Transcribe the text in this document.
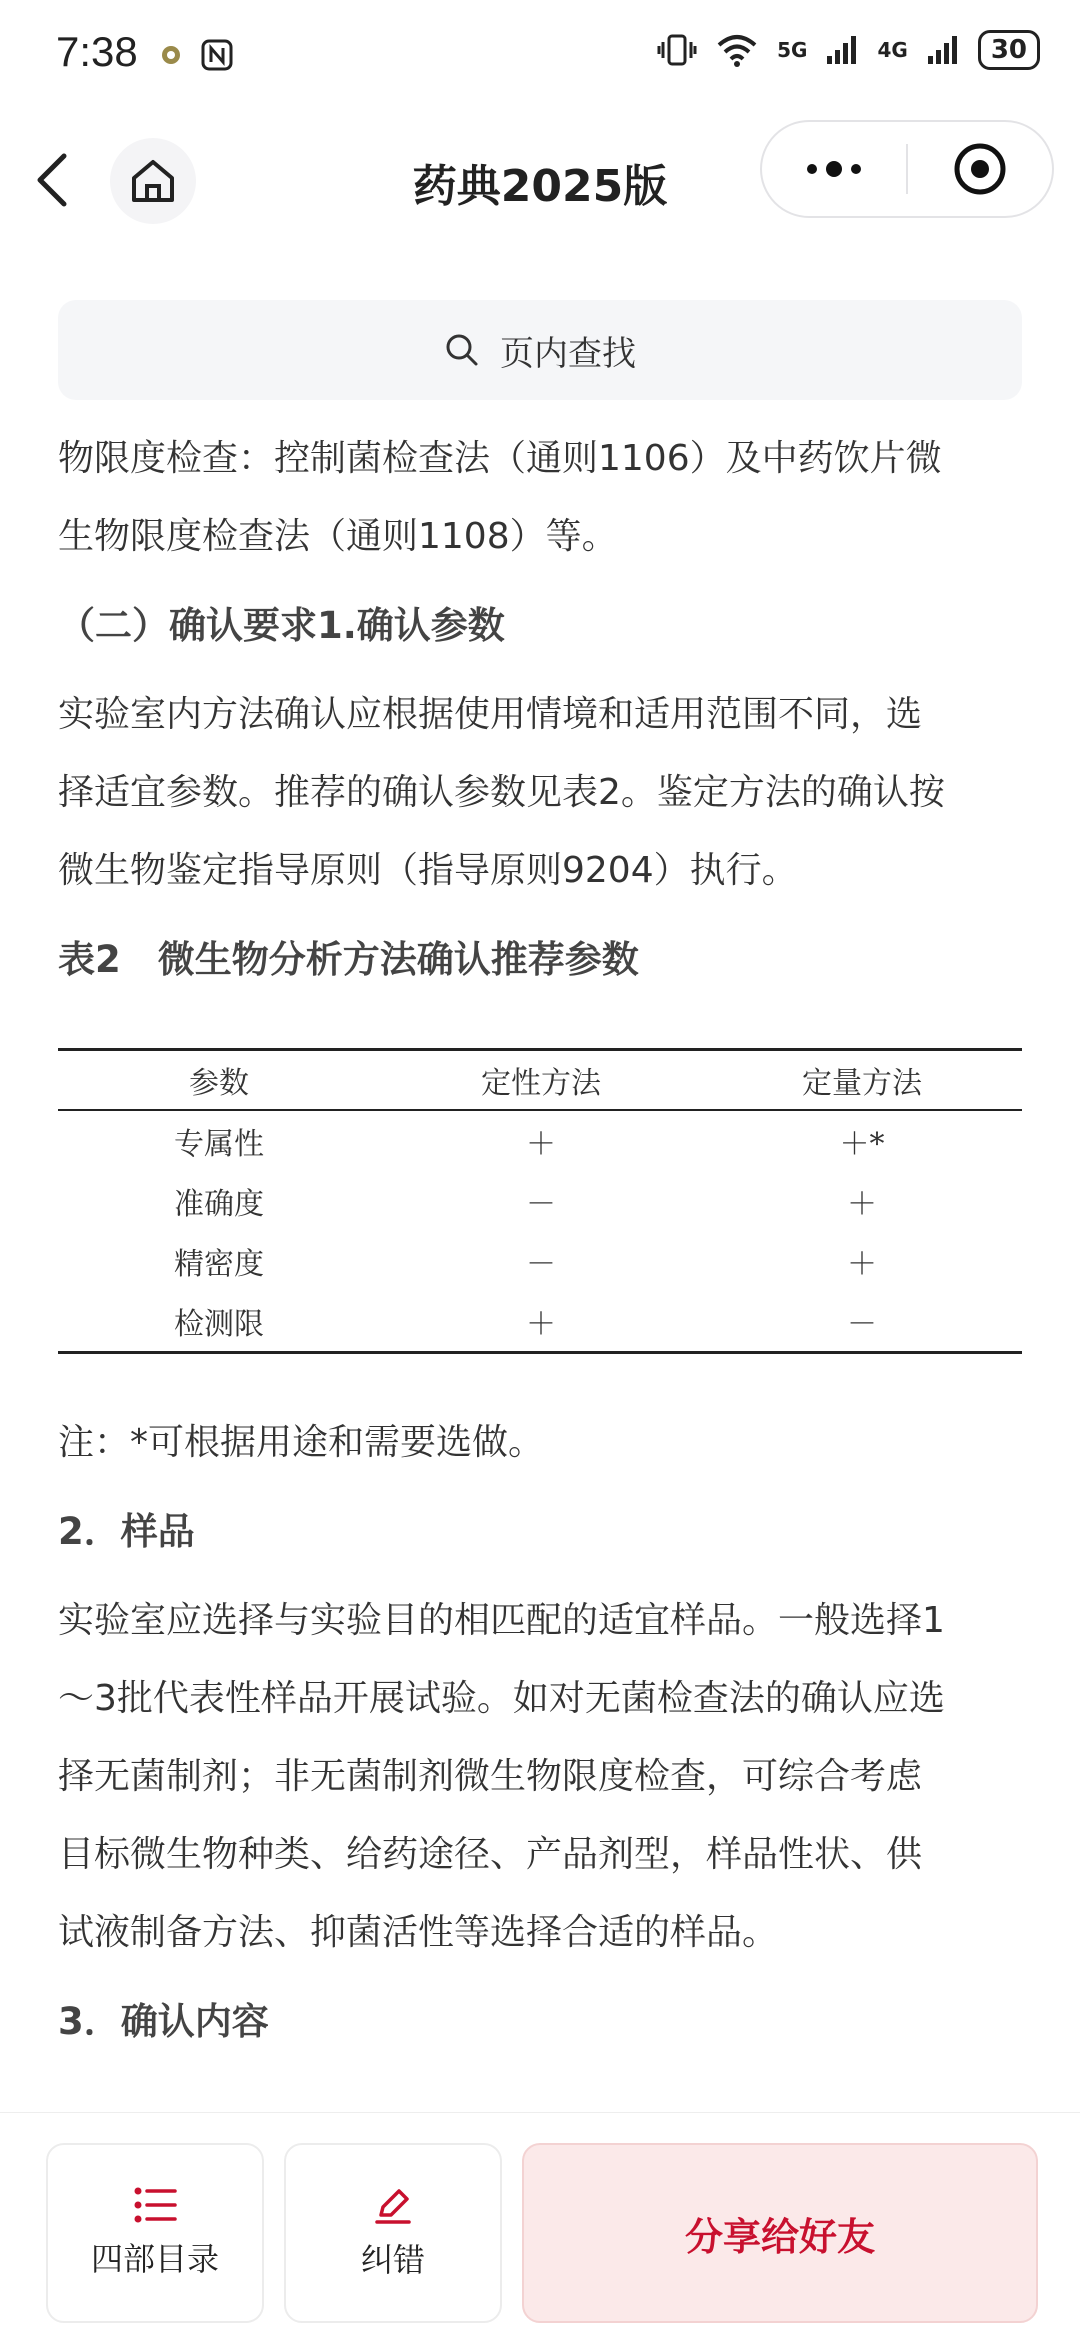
7:38	5G	4G	30
药典2025版
页内查找

物限度检查：控制菌检查法（通则1106）及中药饮片微

生物限度检查法（通则1108）等。

（二）确认要求1.确认参数

实验室内方法确认应根据使用情境和适用范围不同，选

择适宜参数。推荐的确认参数见表2。鉴定方法的确认按

微生物鉴定指导原则（指导原则9204）执行。

表2　微生物分析方法确认推荐参数
参数	定性方法	定量方法
专属性	＋	＋*
准确度	－	＋
精密度	－	＋
检测限	＋	－

注：*可根据用途和需要选做。

2．样品

实验室应选择与实验目的相匹配的适宜样品。一般选择1

～3批代表性样品开展试验。如对无菌检查法的确认应选

择无菌制剂；非无菌制剂微生物限度检查，可综合考虑

目标微生物种类、给药途径、产品剂型，样品性状、供

试液制备方法、抑菌活性等选择合适的样品。

3．确认内容
四部目录	纠错
分享给好友
